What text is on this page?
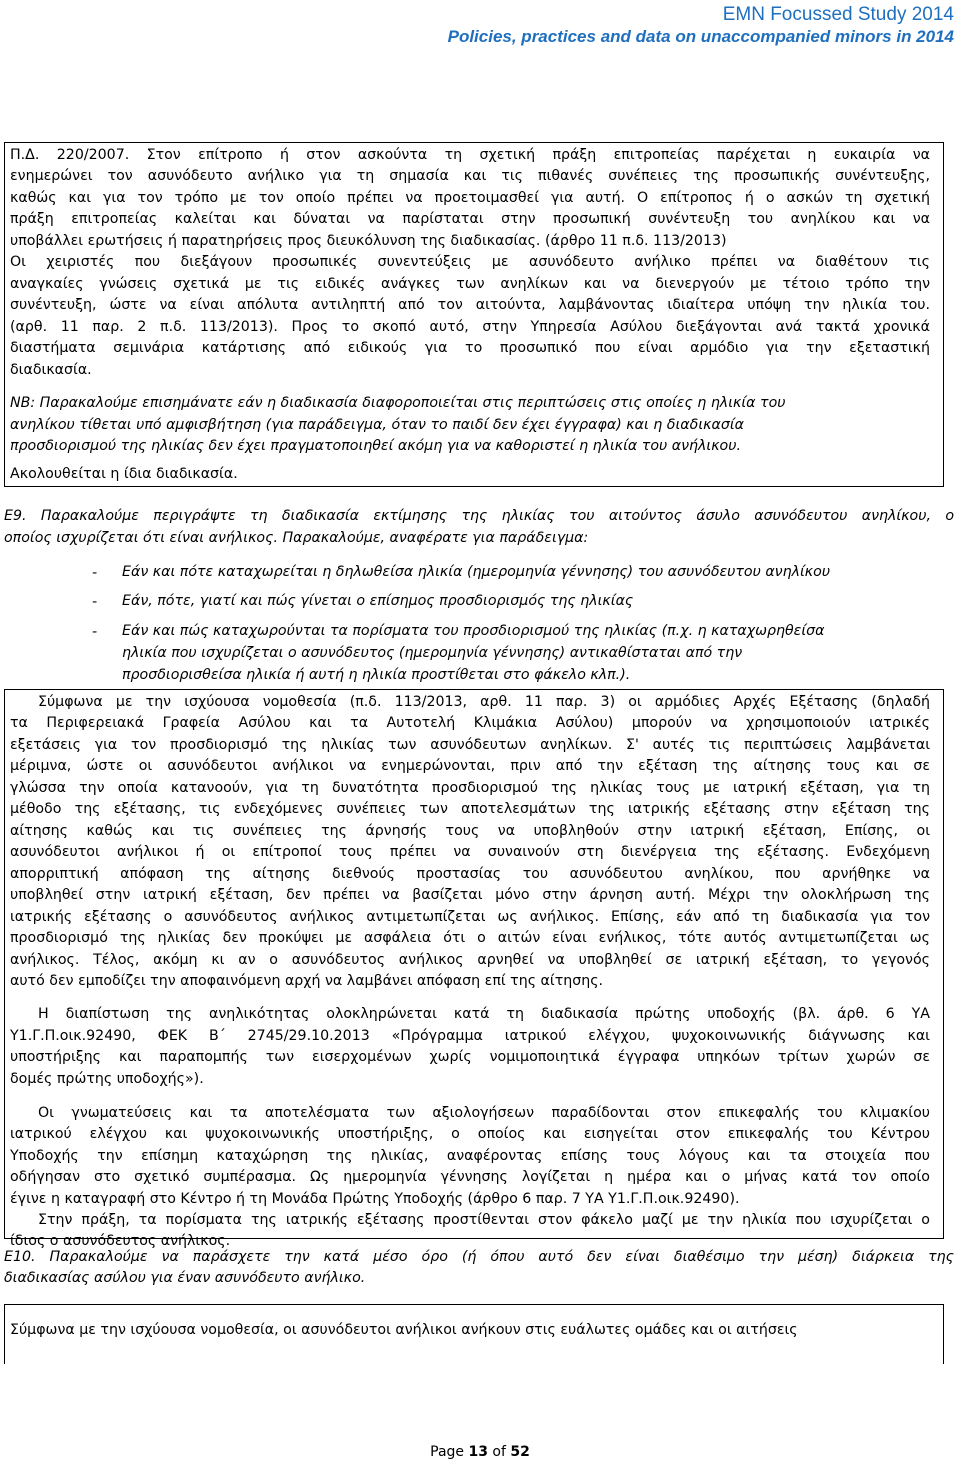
EMN Focussed Study 2014
Policies, practices and data on unaccompanied minors in 2014
Π.Δ. 220/2007. Στον επίτροπο ή στον ασκούντα τη σχετική πράξη επιτροπείας παρέχεται η ευκαιρία να
ενημερώνει τον ασυνόδευτο ανήλικο για τη σημασία και τις πιθανές συνέπειες της προσωπικής συνέντευξης,
καθώς και για τον τρόπο με τον οποίο πρέπει να προετοιμασθεί για αυτή. Ο επίτροπος ή ο ασκών τη σχετική
πράξη επιτροπείας καλείται και δύναται να παρίσταται στην προσωπική συνέντευξη του ανηλίκου και να
υποβάλλει ερωτήσεις ή παρατηρήσεις προς διευκόλυνση της διαδικασίας. (άρθρο 11 π.δ. 113/2013)
Οι χειριστές που διεξάγουν προσωπικές συνεντεύξεις με ασυνόδευτο ανήλικο πρέπει να διαθέτουν τις
αναγκαίες γνώσεις σχετικά με τις ειδικές ανάγκες των ανηλίκων και να διενεργούν με τέτοιο τρόπο την
συνέντευξη, ώστε να είναι απόλυτα αντιληπτή από τον αιτούντα, λαμβάνοντας ιδιαίτερα υπόψη την ηλικία του.
(αρθ. 11 παρ. 2 π.δ. 113/2013). Προς το σκοπό αυτό, στην Υπηρεσία Ασύλου διεξάγονται ανά τακτά χρονικά
διαστήματα σεμινάρια κατάρτισης από ειδικούς για το προσωπικό που είναι αρμόδιο για την εξεταστική
διαδικασία.
NB: Παρακαλούμε επισημάνατε εάν η διαδικασία διαφοροποιείται στις περιπτώσεις στις οποίες η ηλικία του
ανηλίκου τίθεται υπό αμφισβήτηση (για παράδειγμα, όταν το παιδί δεν έχει έγγραφα) και η διαδικασία
προσδιορισμού της ηλικίας δεν έχει πραγματοποιηθεί ακόμη για να καθοριστεί η ηλικία του ανήλικου.
Ακολουθείται η ίδια διαδικασία.
Ε9. Παρακαλούμε περιγράψτε τη διαδικασία εκτίμησης της ηλικίας του αιτούντος άσυλο ασυνόδευτου ανηλίκου, ο
οποίος ισχυρίζεται ότι είναι ανήλικος. Παρακαλούμε, αναφέρατε για παράδειγμα:
- Εάν και πότε καταχωρείται η δηλωθείσα ηλικία (ημερομηνία γέννησης) του ασυνόδευτου ανηλίκου
- Εάν, πότε, γιατί και πώς γίνεται ο επίσημος προσδιορισμός της ηλικίας
- Εάν και πώς καταχωρούνται τα πορίσματα του προσδιορισμού της ηλικίας (π.χ. η καταχωρηθείσα
ηλικία που ισχυρίζεται ο ασυνόδευτος (ημερομηνία γέννησης) αντικαθίσταται από την
προσδιορισθείσα ηλικία ή αυτή η ηλικία προστίθεται στο φάκελο κλπ.).
Σύμφωνα με την ισχύουσα νομοθεσία (π.δ. 113/2013, αρθ. 11 παρ. 3) οι αρμόδιες Αρχές Εξέτασης (δηλαδή
τα Περιφερειακά Γραφεία Ασύλου και τα Αυτοτελή Κλιμάκια Ασύλου) μπορούν να χρησιμοποιούν ιατρικές
εξετάσεις για τον προσδιορισμό της ηλικίας των ασυνόδευτων ανηλίκων. Σ' αυτές τις περιπτώσεις λαμβάνεται
μέριμνα, ώστε οι ασυνόδευτοι ανήλικοι να ενημερώνονται, πριν από την εξέταση της αίτησης τους και σε
γλώσσα την οποία κατανοούν, για τη δυνατότητα προσδιορισμού της ηλικίας τους με ιατρική εξέταση, για τη
μέθοδο της εξέτασης, τις ενδεχόμενες συνέπειες των αποτελεσμάτων της ιατρικής εξέτασης στην εξέταση της
αίτησης καθώς και τις συνέπειες της άρνησής τους να υποβληθούν στην ιατρική εξέταση, Επίσης, οι
ασυνόδευτοι ανήλικοι ή οι επίτροποί τους πρέπει να συναινούν στη διενέργεια της εξέτασης. Ενδεχόμενη
απορριπτική απόφαση της αίτησης διεθνούς προστασίας του ασυνόδευτου ανηλίκου, που αρνήθηκε να
υποβληθεί στην ιατρική εξέταση, δεν πρέπει να βασίζεται μόνο στην άρνηση αυτή. Μέχρι την ολοκλήρωση της
ιατρικής εξέτασης ο ασυνόδευτος ανήλικος αντιμετωπίζεται ως ανήλικος. Επίσης, εάν από τη διαδικασία για τον
προσδιορισμό της ηλικίας δεν προκύψει με ασφάλεια ότι ο αιτών είναι ενήλικος, τότε αυτός αντιμετωπίζεται ως
ανήλικος. Τέλος, ακόμη κι αν ο ασυνόδευτος ανήλικος αρνηθεί να υποβληθεί σε ιατρική εξέταση, το γεγονός
αυτό δεν εμποδίζει την αποφαινόμενη αρχή να λαμβάνει απόφαση επί της αίτησης.
Η διαπίστωση της ανηλικότητας ολοκληρώνεται κατά τη διαδικασία πρώτης υποδοχής (βλ. άρθ. 6 ΥΑ
Υ1.Γ.Π.οικ.92490, ΦΕΚ Β΄ 2745/29.10.2013 «Πρόγραμμα ιατρικού ελέγχου, ψυχοκοινωνικής διάγνωσης και
υποστήριξης και παραπομπής των εισερχομένων χωρίς νομιμοποιητικά έγγραφα υπηκόων τρίτων χωρών σε
δομές πρώτης υποδοχής»).
Οι γνωματεύσεις και τα αποτελέσματα των αξιολογήσεων παραδίδονται στον επικεφαλής του κλιμακίου
ιατρικού ελέγχου και ψυχοκοινωνικής υποστήριξης, ο οποίος και εισηγείται στον επικεφαλής του Κέντρου
Υποδοχής την επίσημη καταχώρηση της ηλικίας, αναφέροντας επίσης τους λόγους και τα στοιχεία που
οδήγησαν στο σχετικό συμπέρασμα. Ως ημερομηνία γέννησης λογίζεται η ημέρα και ο μήνας κατά τον οποίο
έγινε η καταγραφή στο Κέντρο ή τη Μονάδα Πρώτης Υποδοχής (άρθρο 6 παρ. 7 ΥΑ Υ1.Γ.Π.οικ.92490).
Στην πράξη, τα πορίσματα της ιατρικής εξέτασης προστίθενται στον φάκελο μαζί με την ηλικία που ισχυρίζεται ο
ίδιος ο ασυνόδευτος ανήλικος.
Ε10. Παρακαλούμε να παράσχετε την κατά μέσο όρο (ή όπου αυτό δεν είναι διαθέσιμο την μέση) διάρκεια της
διαδικασίας ασύλου για έναν ασυνόδευτο ανήλικο.
Σύμφωνα με την ισχύουσα νομοθεσία, οι ασυνόδευτοι ανήλικοι ανήκουν στις ευάλωτες ομάδες και οι αιτήσεις
Page 13 of 52
